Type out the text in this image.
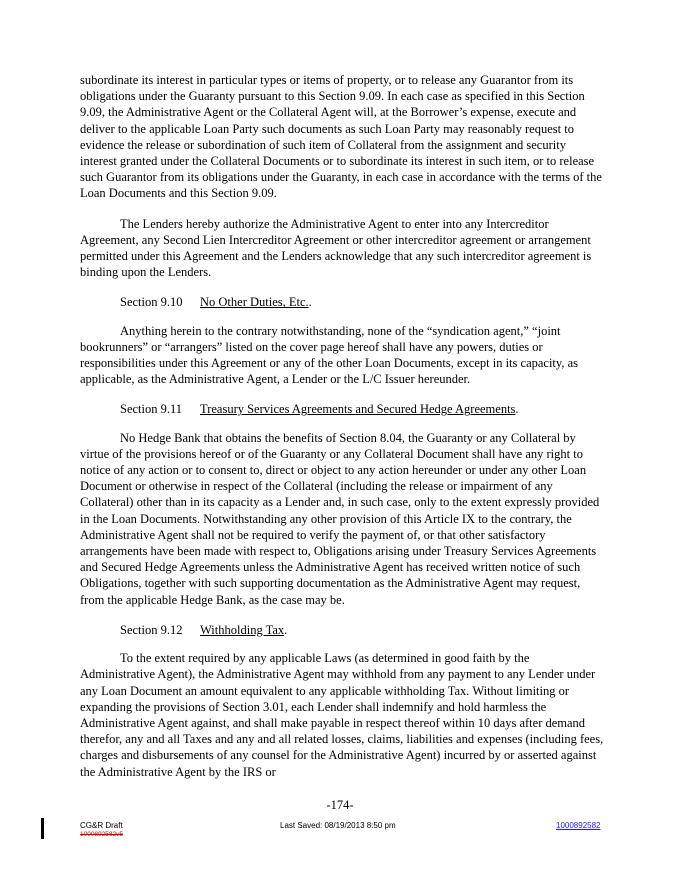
subordinate its interest in particular types or items of property, or to release any Guarantor from its obligations under the Guaranty pursuant to this Section 9.09. In each case as specified in this Section 9.09, the Administrative Agent or the Collateral Agent will, at the Borrower’s expense, execute and deliver to the applicable Loan Party such documents as such Loan Party may reasonably request to evidence the release or subordination of such item of Collateral from the assignment and security interest granted under the Collateral Documents or to subordinate its interest in such item, or to release such Guarantor from its obligations under the Guaranty, in each case in accordance with the terms of the Loan Documents and this Section 9.09.

The Lenders hereby authorize the Administrative Agent to enter into any Intercreditor Agreement, any Second Lien Intercreditor Agreement or other intercreditor agreement or arrangement permitted under this Agreement and the Lenders acknowledge that any such intercreditor agreement is binding upon the Lenders.

Section 9.10 No Other Duties, Etc..

Anything herein to the contrary notwithstanding, none of the “syndication agent,” “joint bookrunners” or “arrangers” listed on the cover page hereof shall have any powers, duties or responsibilities under this Agreement or any of the other Loan Documents, except in its capacity, as applicable, as the Administrative Agent, a Lender or the L/C Issuer hereunder.

Section 9.11 Treasury Services Agreements and Secured Hedge Agreements.

No Hedge Bank that obtains the benefits of Section 8.04, the Guaranty or any Collateral by virtue of the provisions hereof or of the Guaranty or any Collateral Document shall have any right to notice of any action or to consent to, direct or object to any action hereunder or under any other Loan Document or otherwise in respect of the Collateral (including the release or impairment of any Collateral) other than in its capacity as a Lender and, in such case, only to the extent expressly provided in the Loan Documents. Notwithstanding any other provision of this Article IX to the contrary, the Administrative Agent shall not be required to verify the payment of, or that other satisfactory arrangements have been made with respect to, Obligations arising under Treasury Services Agreements and Secured Hedge Agreements unless the Administrative Agent has received written notice of such Obligations, together with such supporting documentation as the Administrative Agent may request, from the applicable Hedge Bank, as the case may be.

Section 9.12 Withholding Tax.

To the extent required by any applicable Laws (as determined in good faith by the Administrative Agent), the Administrative Agent may withhold from any payment to any Lender under any Loan Document an amount equivalent to any applicable withholding Tax. Without limiting or expanding the provisions of Section 3.01, each Lender shall indemnify and hold harmless the Administrative Agent against, and shall make payable in respect thereof within 10 days after demand therefor, any and all Taxes and any and all related losses, claims, liabilities and expenses (including fees, charges and disbursements of any counsel for the Administrative Agent) incurred by or asserted against the Administrative Agent by the IRS or

-174-
CG&R Draft
1000892582v5
Last Saved: 08/19/2013 8:50 pm	1000892582
